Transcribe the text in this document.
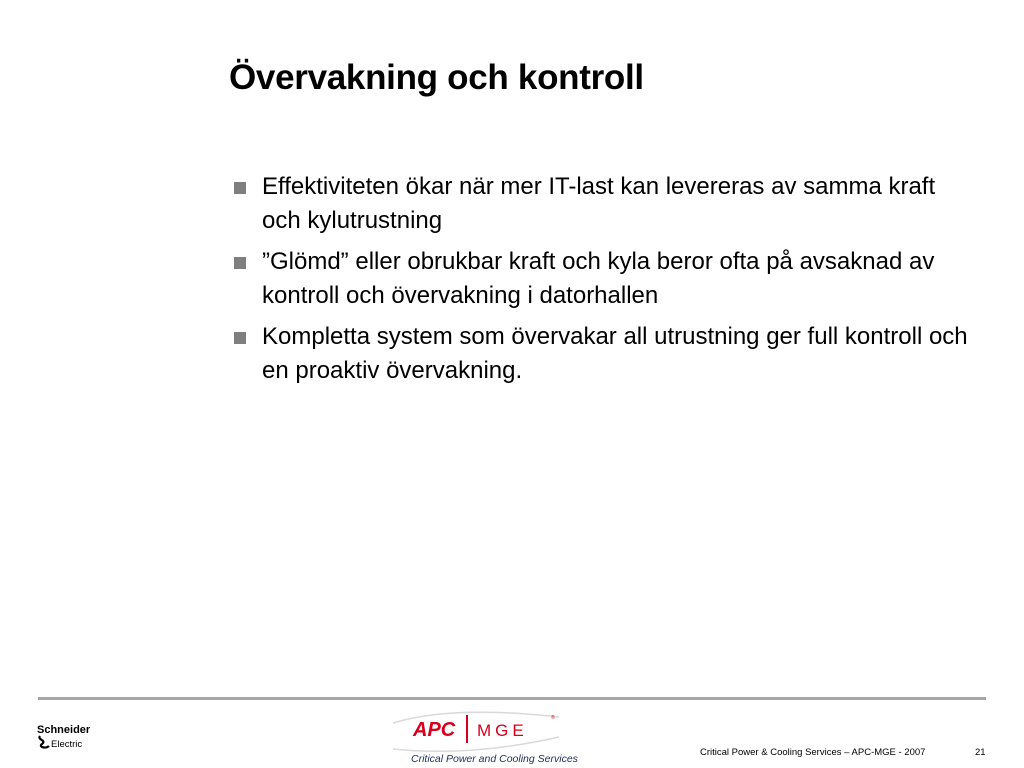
Övervakning och kontroll
Effektiviteten ökar när mer IT-last kan levereras av samma kraft och kylutrustning
”Glömd” eller obrukbar kraft och kyla beror ofta på avsaknad av kontroll och övervakning i datorhallen
Kompletta system som övervakar all utrustning ger full kontroll och en proaktiv övervakning.
Schneider
Electric
APC MGE
®
Critical Power and Cooling Services
Critical Power & Cooling Services – APC-MGE - 2007	21
